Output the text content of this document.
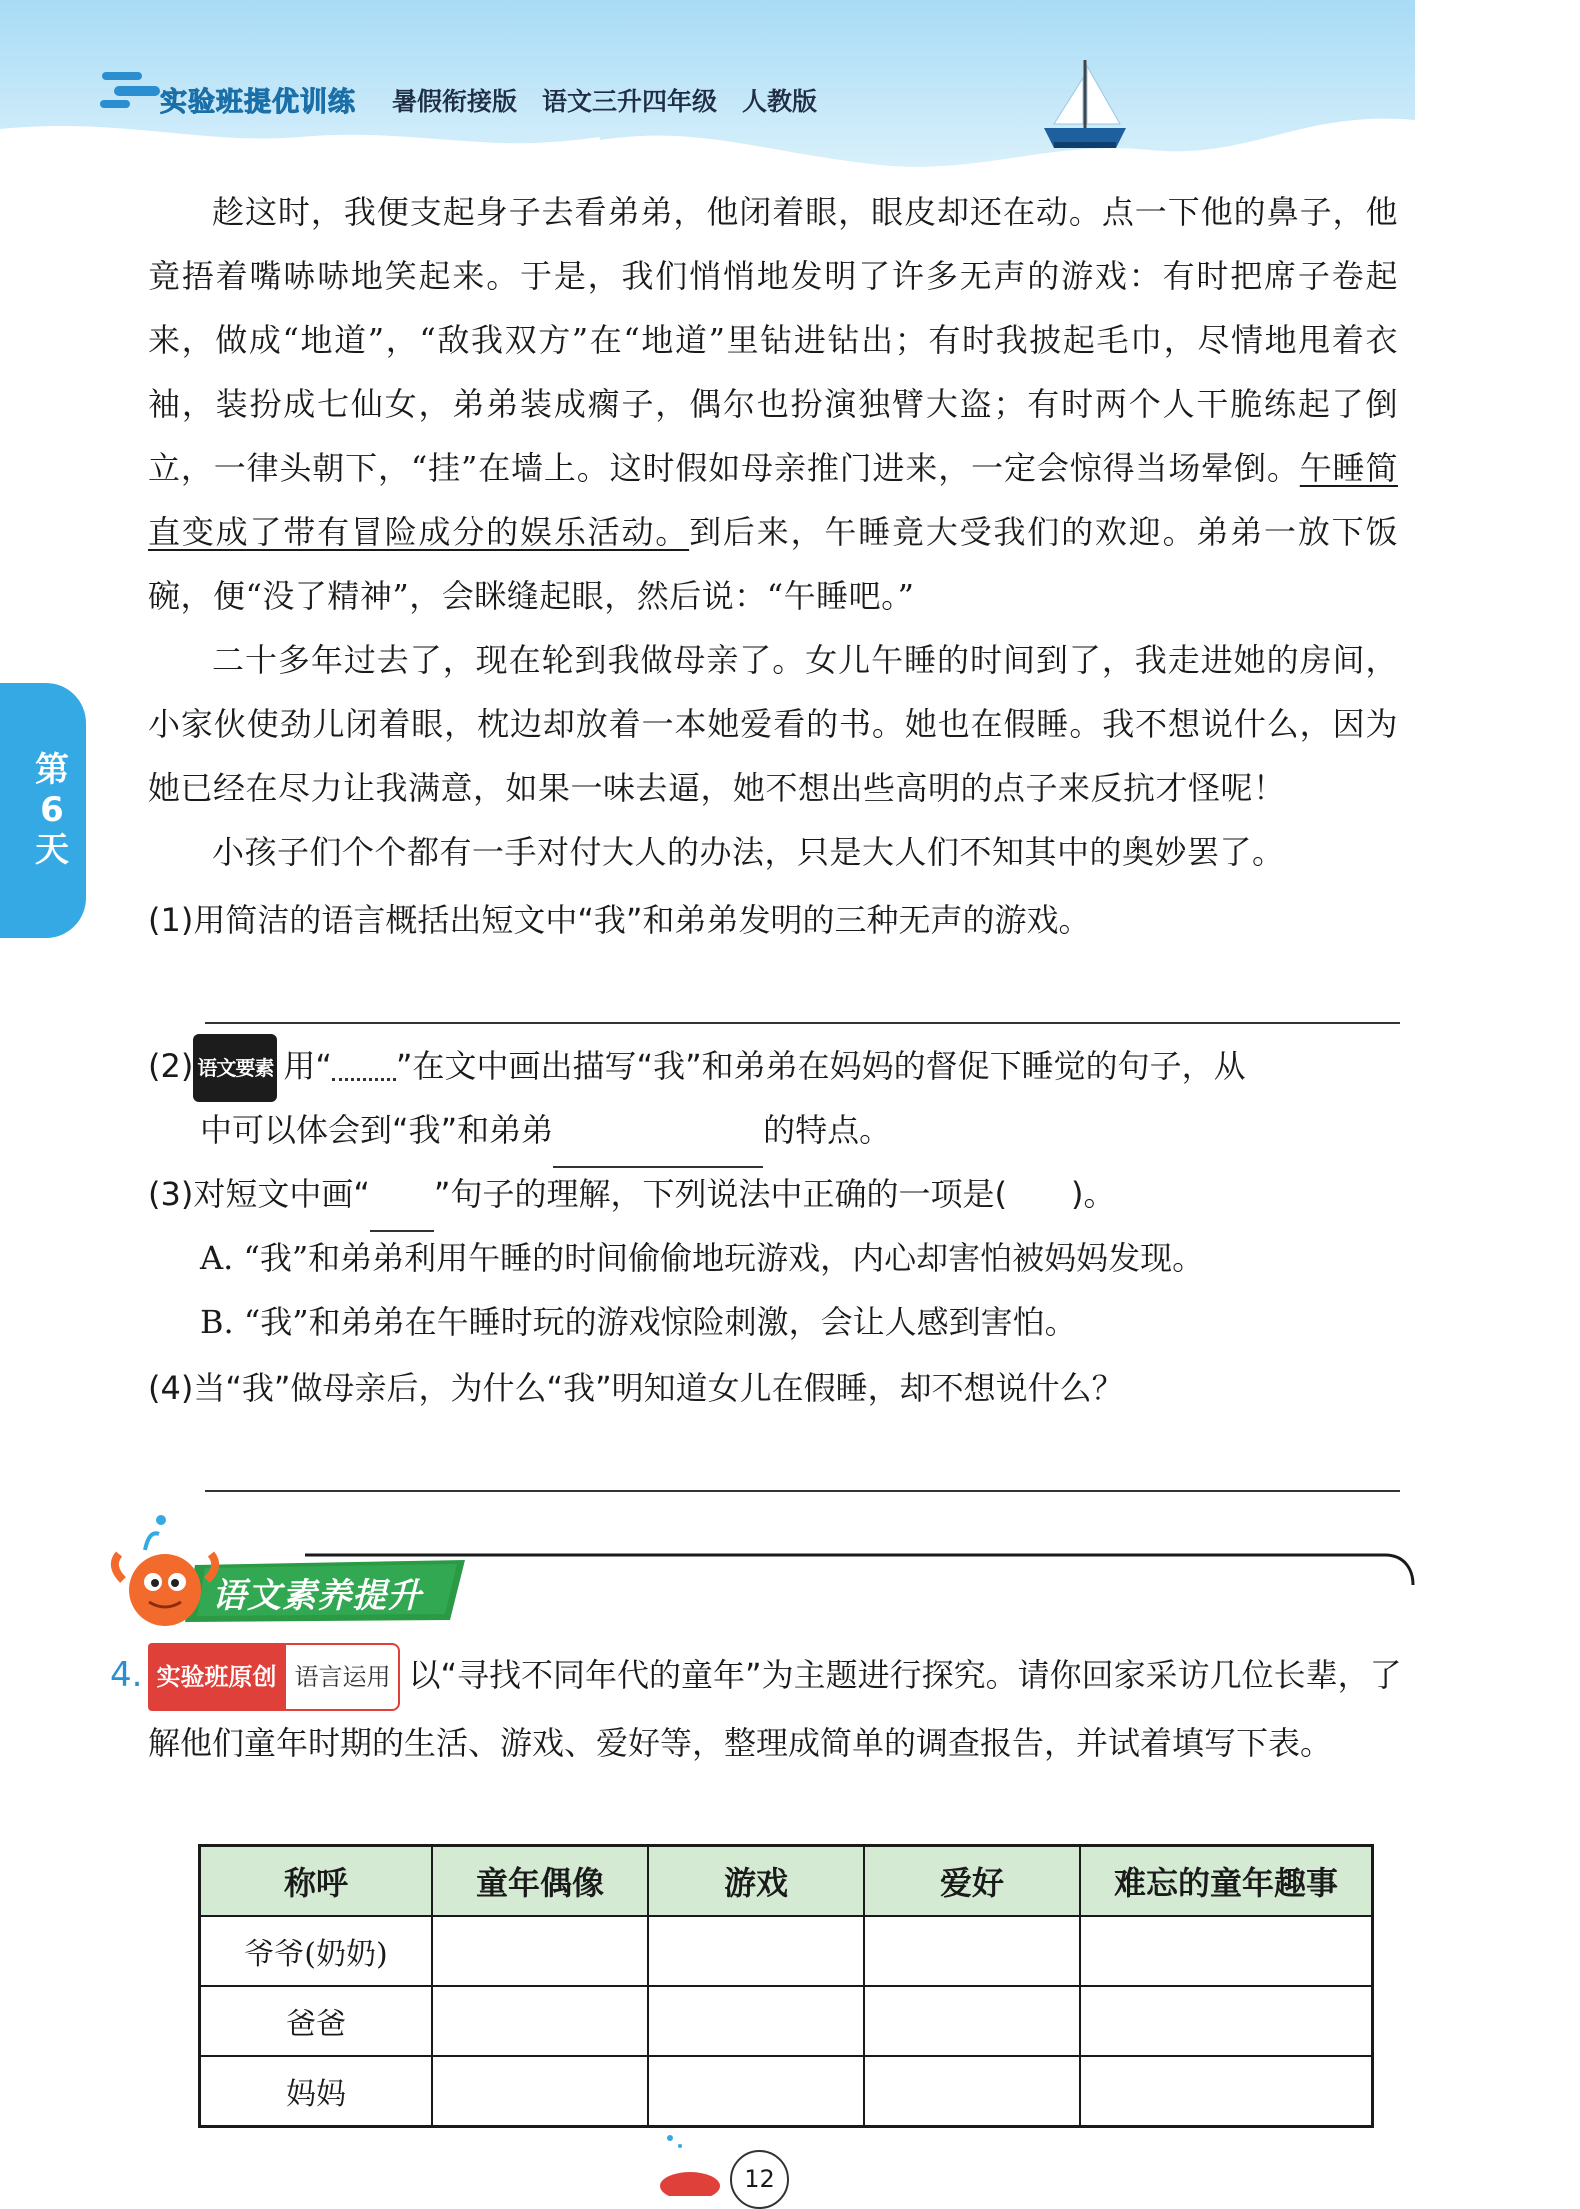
实验班提优训练 暑假衔接版 语文三升四年级 人教版
第
6
天

趁这时，我便支起身子去看弟弟，他闭着眼，眼皮却还在动。点一下他的鼻子，他竟捂着嘴哧哧地笑起来。于是，我们悄悄地发明了许多无声的游戏：有时把席子卷起来，做成“地道”，“敌我双方”在“地道”里钻进钻出；有时我披起毛巾，尽情地甩着衣袖，装扮成七仙女，弟弟装成瘸子，偶尔也扮演独臂大盗；有时两个人干脆练起了倒立，一律头朝下，“挂”在墙上。这时假如母亲推门进来，一定会惊得当场晕倒。午睡简直变成了带有冒险成分的娱乐活动。到后来，午睡竟大受我们的欢迎。弟弟一放下饭碗，便“没了精神”，会眯缝起眼，然后说：“午睡吧。”

二十多年过去了，现在轮到我做母亲了。女儿午睡的时间到了，我走进她的房间，小家伙使劲儿闭着眼，枕边却放着一本她爱看的书。她也在假睡。我不想说什么，因为她已经在尽力让我满意，如果一味去逼，她不想出些高明的点子来反抗才怪呢！

小孩子们个个都有一手对付大人的办法，只是大人们不知其中的奥妙罢了。

(1)用简洁的语言概括出短文中“我”和弟弟发明的三种无声的游戏。

(2) 语文要素 用“ ”在文中画出描写“我”和弟弟在妈妈的督促下睡觉的句子，从

中可以体会到“我”和弟弟	的特点。

(3)对短文中画“ ”句子的理解，下列说法中正确的一项是(　　)。

A. “我”和弟弟利用午睡的时间偷偷地玩游戏，内心却害怕被妈妈发现。

B. “我”和弟弟在午睡时玩的游戏惊险刺激，会让人感到害怕。

(4)当“我”做母亲后，为什么“我”明知道女儿在假睡，却不想说什么？

语文素养提升

4. 实验班原创 语言运用 以“寻找不同年代的童年”为主题进行探究。请你回家采访几位长辈，了解他们童年时期的生活、游戏、爱好等，整理成简单的调查报告，并试着填写下表。

称呼	童年偶像	游戏	爱好	难忘的童年趣事
爷爷(奶奶)				
爸爸				
妈妈				
12
